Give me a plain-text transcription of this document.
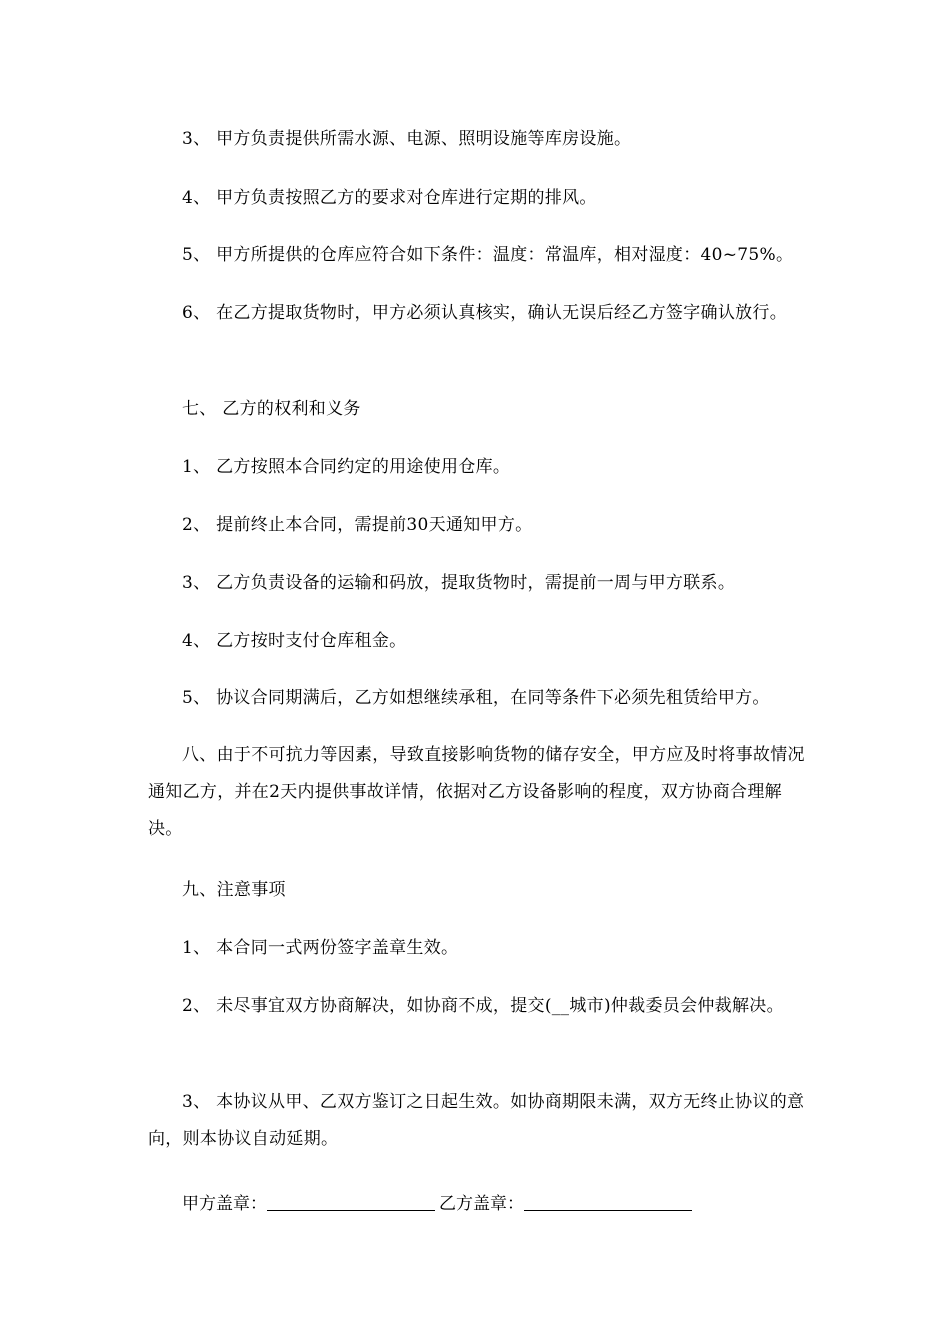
3、 甲方负责提供所需水源、电源、照明设施等库房设施。

4、 甲方负责按照乙方的要求对仓库进行定期的排风。

5、 甲方所提供的仓库应符合如下条件：温度：常温库，相对湿度：40~75%。

6、 在乙方提取货物时，甲方必须认真核实，确认无误后经乙方签字确认放行。

七、 乙方的权利和义务

1、 乙方按照本合同约定的用途使用仓库。

2、 提前终止本合同，需提前30天通知甲方。

3、 乙方负责设备的运输和码放，提取货物时，需提前一周与甲方联系。

4、 乙方按时支付仓库租金。

5、 协议合同期满后，乙方如想继续承租，在同等条件下必须先租赁给甲方。

八、由于不可抗力等因素，导致直接影响货物的储存安全，甲方应及时将事故情况通知乙方，并在2天内提供事故详情，依据对乙方设备影响的程度，双方协商合理解决。

九、注意事项

1、 本合同一式两份签字盖章生效。

2、 未尽事宜双方协商解决，如协商不成，提交(__城市)仲裁委员会仲裁解决。

3、 本协议从甲、乙双方鉴订之日起生效。如协商期限未满，双方无终止协议的意向，则本协议自动延期。

甲方盖章：	乙方盖章：
